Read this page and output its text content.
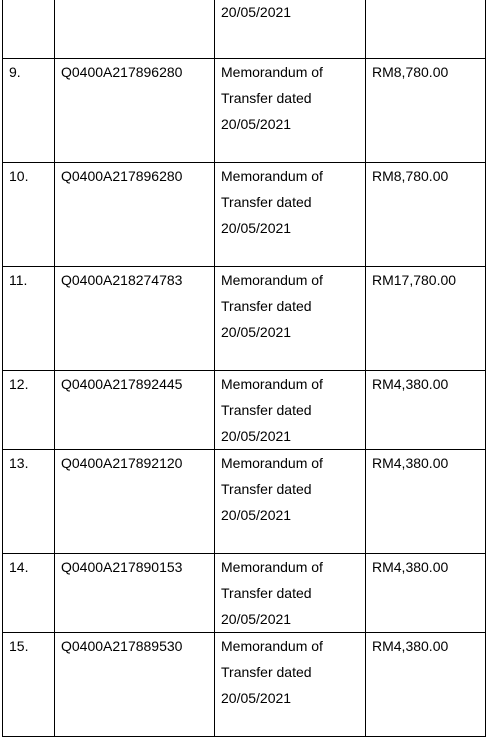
		20/05/2021	

9.	Q0400A217896280	Memorandum of
Transfer dated
20/05/2021	RM8,780.00
10.	Q0400A217896280	Memorandum of
Transfer dated
20/05/2021	RM8,780.00
11.	Q0400A218274783	Memorandum of
Transfer dated
20/05/2021	RM17,780.00
12.	Q0400A217892445	Memorandum of
Transfer dated
20/05/2021	RM4,380.00
13.	Q0400A217892120	Memorandum of
Transfer dated
20/05/2021	RM4,380.00
14.	Q0400A217890153	Memorandum of
Transfer dated
20/05/2021	RM4,380.00
15.	Q0400A217889530	Memorandum of
Transfer dated
20/05/2021	RM4,380.00
